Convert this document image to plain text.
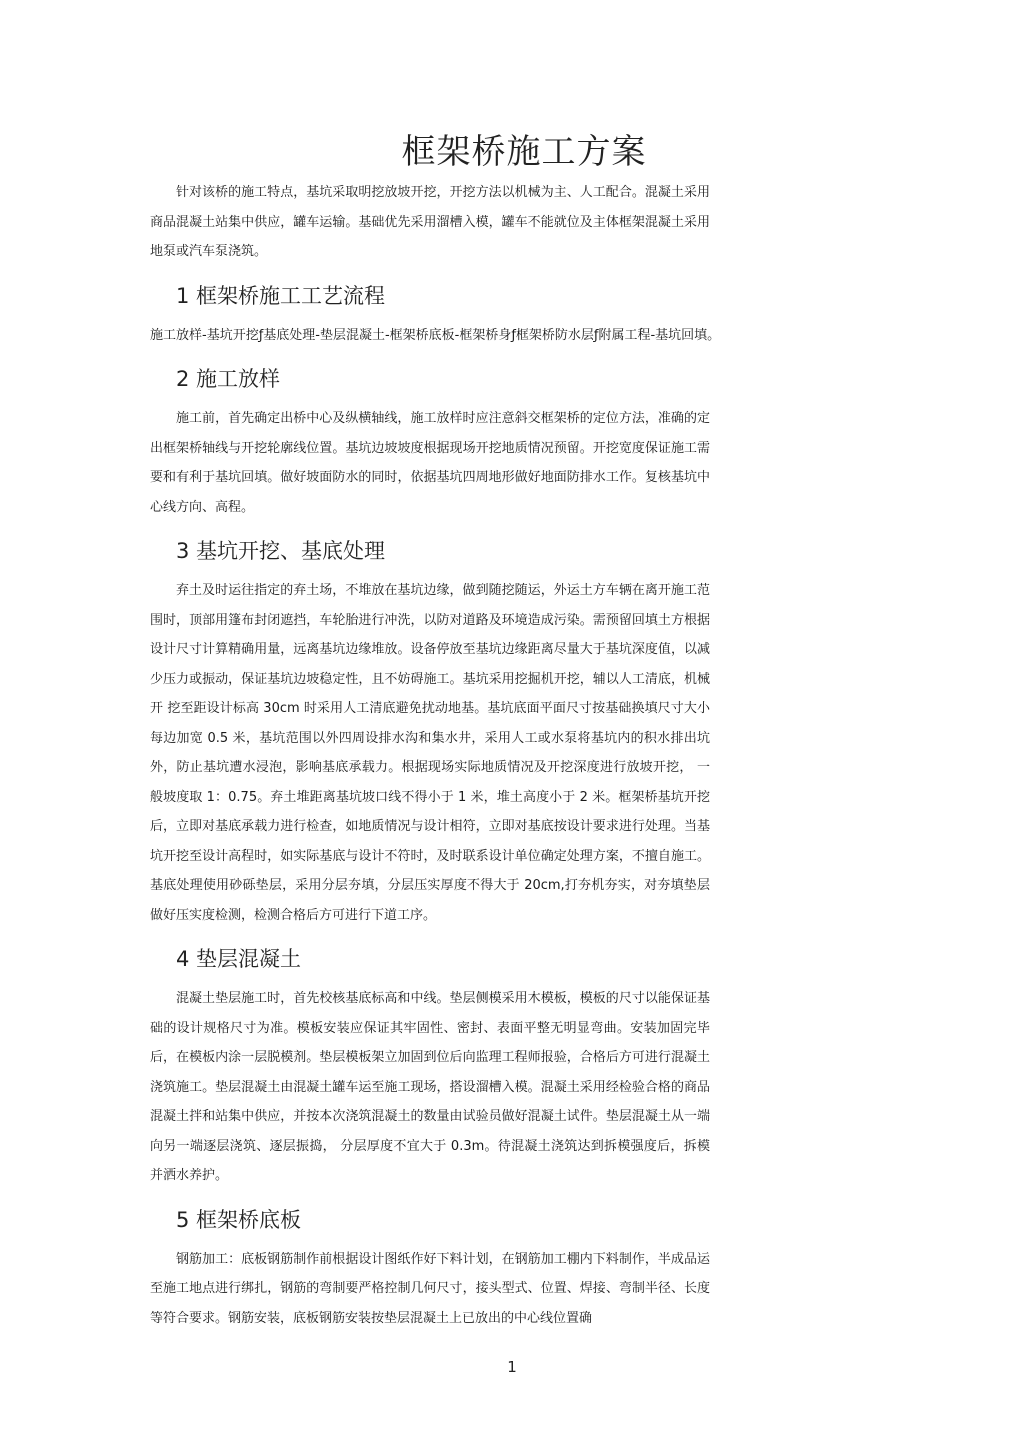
框架桥施工方案

针对该桥的施工特点，基坑采取明挖放坡开挖，开挖方法以机械为主、人工配合。混凝土采用商品混凝土站集中供应，罐车运输。基础优先采用溜槽入模，罐车不能就位及主体框架混凝土采用地泵或汽车泵浇筑。

1 框架桥施工工艺流程

施工放样-基坑开挖ƒ基底处理-垫层混凝土-框架桥底板-框架桥身ƒ框架桥防水层ƒ附属工程-基坑回填。

2 施工放样

施工前，首先确定出桥中心及纵横轴线，施工放样时应注意斜交框架桥的定位方法，准确的定出框架桥轴线与开挖轮廓线位置。基坑边坡坡度根据现场开挖地质情况预留。开挖宽度保证施工需要和有利于基坑回填。做好坡面防水的同时，依据基坑四周地形做好地面防排水工作。复核基坑中心线方向、高程。

3 基坑开挖、基底处理

弃土及时运往指定的弃土场，不堆放在基坑边缘，做到随挖随运，外运土方车辆在离开施工范围时，顶部用篷布封闭遮挡，车轮胎进行冲洗，以防对道路及环境造成污染。需预留回填土方根据设计尺寸计算精确用量，远离基坑边缘堆放。设备停放至基坑边缘距离尽量大于基坑深度值，以减少压力或振动，保证基坑边坡稳定性，且不妨碍施工。基坑采用挖掘机开挖，辅以人工清底，机械开 挖至距设计标高 30cm 时采用人工清底避免扰动地基。基坑底面平面尺寸按基础换填尺寸大小每边加宽 0.5 米，基坑范围以外四周设排水沟和集水井，采用人工或水泵将基坑内的积水排出坑外，防止基坑遭水浸泡，影响基底承载力。根据现场实际地质情况及开挖深度进行放坡开挖， 一般坡度取 1：0.75。弃土堆距离基坑坡口线不得小于 1 米，堆土高度小于 2 米。框架桥基坑开挖后，立即对基底承载力进行检查，如地质情况与设计相符，立即对基底按设计要求进行处理。当基坑开挖至设计高程时，如实际基底与设计不符时，及时联系设计单位确定处理方案，不擅自施工。基底处理使用砂砾垫层，采用分层夯填，分层压实厚度不得大于 20cm,打夯机夯实，对夯填垫层做好压实度检测，检测合格后方可进行下道工序。

4 垫层混凝土

混凝土垫层施工时，首先校核基底标高和中线。垫层侧模采用木模板，模板的尺寸以能保证基础的设计规格尺寸为准。模板安装应保证其牢固性、密封、表面平整无明显弯曲。安装加固完毕后，在模板内涂一层脱模剂。垫层模板架立加固到位后向监理工程师报验，合格后方可进行混凝土浇筑施工。垫层混凝土由混凝土罐车运至施工现场，搭设溜槽入模。混凝土采用经检验合格的商品混凝土拌和站集中供应，并按本次浇筑混凝土的数量由试验员做好混凝土试件。垫层混凝土从一端向另一端逐层浇筑、逐层振捣， 分层厚度不宜大于 0.3m。待混凝土浇筑达到拆模强度后，拆模并洒水养护。

5 框架桥底板

钢筋加工：底板钢筋制作前根据设计图纸作好下料计划，在钢筋加工棚内下料制作，半成品运至施工地点进行绑扎，钢筋的弯制要严格控制几何尺寸，接头型式、位置、焊接、弯制半径、长度等符合要求。钢筋安装，底板钢筋安装按垫层混凝土上已放出的中心线位置确

1
